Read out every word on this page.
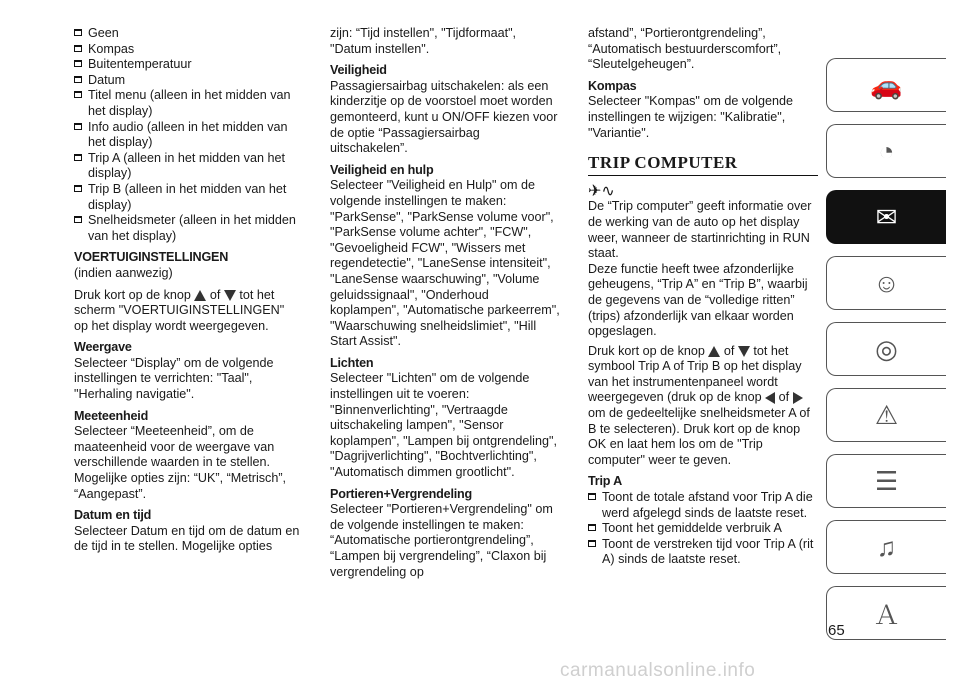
Geen
Kompas
Buitentemperatuur
Datum
Titel menu (alleen in het midden van het display)
Info audio (alleen in het midden van het display)
Trip A (alleen in het midden van het display)
Trip B (alleen in het midden van het display)
Snelheidsmeter (alleen in het midden van het display)
VOERTUIGINSTELLINGEN
(indien aanwezig)
Druk kort op de knop of tot het scherm "VOERTUIGINSTELLINGEN" op het display wordt weergegeven.
Weergave
Selecteer “Display” om de volgende instellingen te verrichten: "Taal", "Herhaling navigatie".
Meeteenheid
Selecteer “Meeteenheid”, om de maateenheid voor de weergave van verschillende waarden in te stellen. Mogelijke opties zijn: “UK”, “Metrisch”, “Aangepast”.
Datum en tijd
Selecteer Datum en tijd om de datum en de tijd in te stellen. Mogelijke opties
zijn: “Tijd instellen", "Tijdformaat", "Datum instellen".
Veiligheid
Passagiersairbag uitschakelen: als een kinderzitje op de voorstoel moet worden gemonteerd, kunt u ON/OFF kiezen voor de optie “Passagiersairbag uitschakelen”.
Veiligheid en hulp
Selecteer "Veiligheid en Hulp" om de volgende instellingen te maken: "ParkSense", "ParkSense volume voor", "ParkSense volume achter", "FCW", "Gevoeligheid FCW", "Wissers met regendetectie", "LaneSense intensiteit", "LaneSense waarschuwing", "Volume geluidssignaal", "Onderhoud koplampen", "Automatische parkeerrem", "Waarschuwing snelheidslimiet", "Hill Start Assist".
Lichten
Selecteer "Lichten" om de volgende instellingen uit te voeren: "Binnenverlichting", "Vertraagde uitschakeling lampen", "Sensor koplampen", "Lampen bij ontgrendeling", "Dagrijverlichting", "Bochtverlichting", "Automatisch dimmen grootlicht".
Portieren+Vergrendeling
Selecteer "Portieren+Vergrendeling" om de volgende instellingen te maken: “Automatische portierontgrendeling”, “Lampen bij vergrendeling”, “Claxon bij vergrendeling op
afstand”, “Portierontgrendeling”, “Automatisch bestuurderscomfort”, “Sleutelgeheugen”.
Kompas
Selecteer "Kompas" om de volgende instellingen te wijzigen: "Kalibratie", "Variantie".
TRIP COMPUTER
✈∿
De “Trip computer” geeft informatie over de werking van de auto op het display weer, wanneer de startinrichting in RUN staat.
Deze functie heeft twee afzonderlijke geheugens, “Trip A” en “Trip B”, waarbij de gegevens van de “volledige ritten” (trips) afzonderlijk van elkaar worden opgeslagen.
Druk kort op de knop of tot het symbool Trip A of Trip B op het display van het instrumentenpaneel wordt weergegeven (druk op de knop of  om de gedeeltelijke snelheidsmeter A of B te selecteren). Druk kort op de knop OK en laat hem los om de "Trip computer" weer te geven.
Trip A
Toont de totale afstand voor Trip A die werd afgelegd sinds de laatste reset.
Toont het gemiddelde verbruik A
Toont de verstreken tijd voor Trip A (rit A) sinds de laatste reset.
🚗
◔
✉
☺
◎
⚠
☰
♫
Ａ
65
carmanualsonline.info
